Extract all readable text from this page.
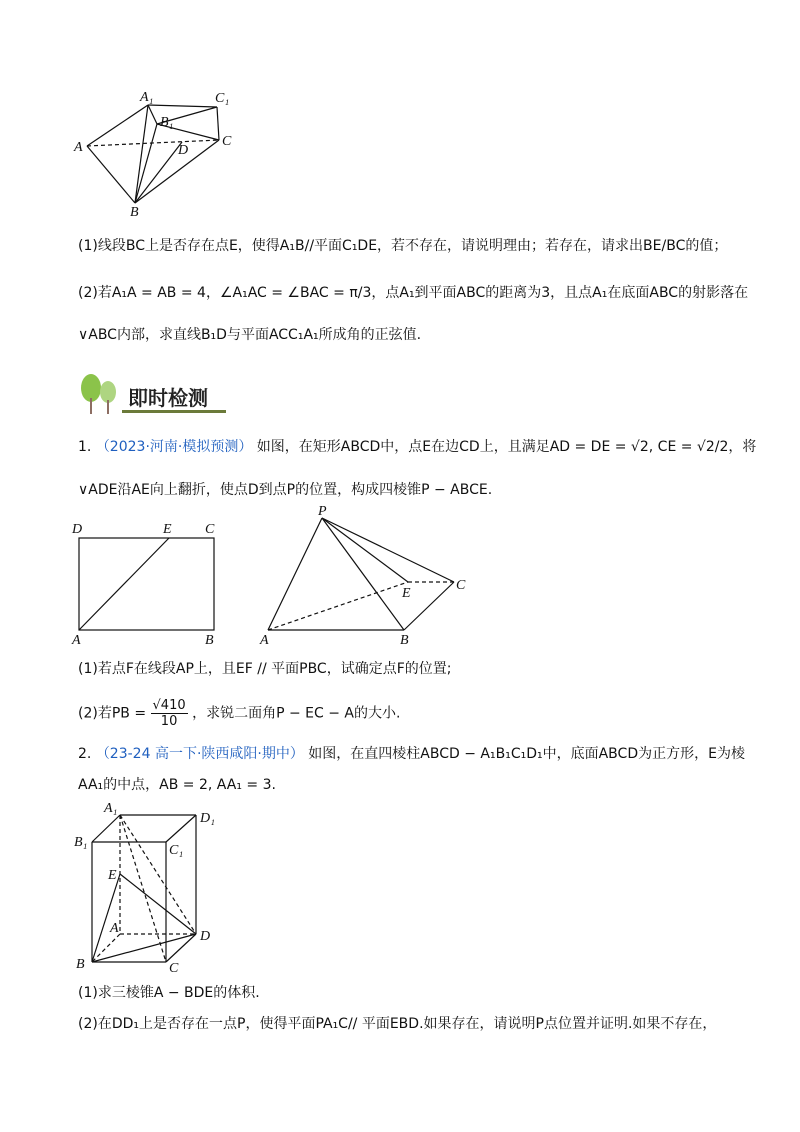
A₁	C₁
B₁
A	D
C
B
(1)线段BC上是否存在点E，使得A₁B//平面C₁DE，若不存在，请说明理由；若存在，请求出BE/BC的值；
(2)若A₁A = AB = 4，∠A₁AC = ∠BAC = π/3，点A₁到平面ABC的距离为3，且点A₁在底面ABC的射影落在
∨ABC内部，求直线B₁D与平面ACC₁A₁所成角的正弦值.
即时检测
1. （2023·河南·模拟预测） 如图，在矩形ABCD中，点E在边CD上，且满足AD = DE = √2, CE = √2/2，将
∨ADE沿AE向上翻折，使点D到点P的位置，构成四棱锥P − ABCE.
D	E C
A	B
P
E
C
A	B
(1)若点F在线段AP上，且EF // 平面PBC，试确定点F的位置;
(2)若PB = $\frac{√410}{10}$ ，求锐二面角P − EC − A的大小.
2. （23-24 高一下·陕西咸阳·期中） 如图，在直四棱柱ABCD − A₁B₁C₁D₁中，底面ABCD为正方形，E为棱
AA₁的中点，AB = 2, AA₁ = 3.
A₁
D₁
B₁
C₁
E
A
D
B	C
(1)求三棱锥A − BDE的体积.
(2)在DD₁上是否存在一点P，使得平面PA₁C// 平面EBD.如果存在，请说明P点位置并证明.如果不存在，
